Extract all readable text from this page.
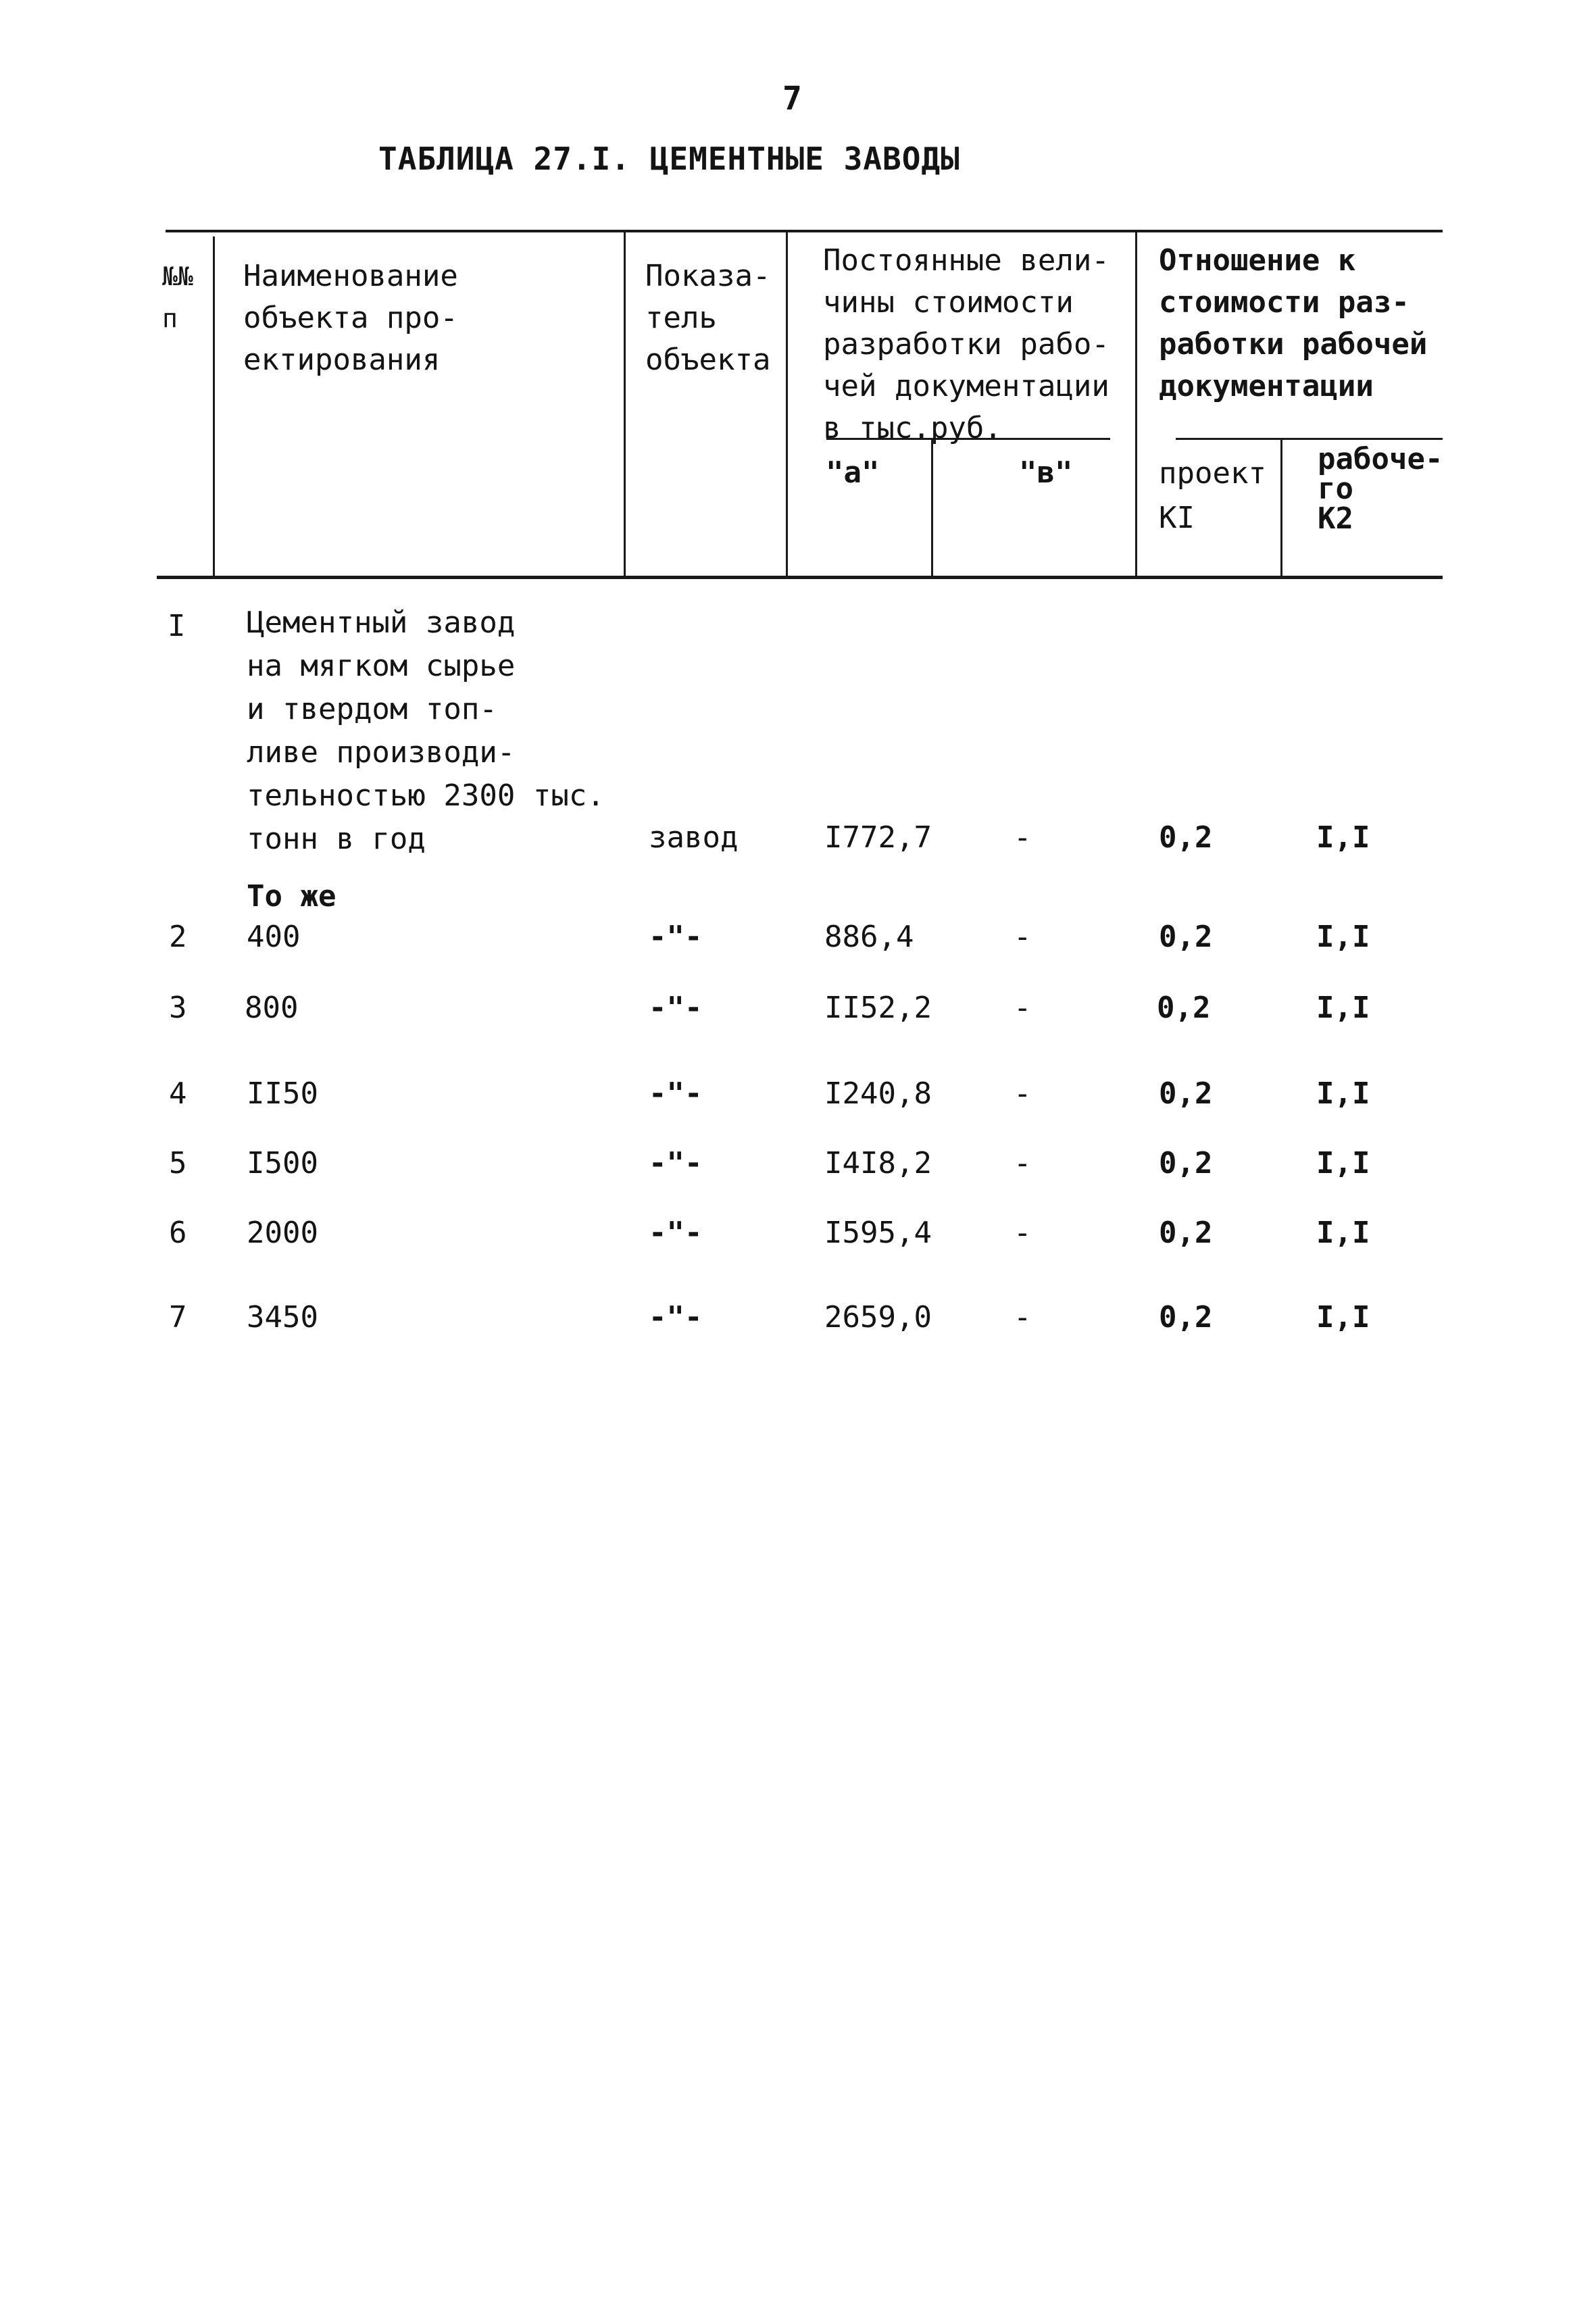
7
ТАБЛИЦА 27.I. ЦЕМЕНТНЫЕ ЗАВОДЫ
№№
п
Наименование
объекта про-
ектирования
Показа-
тель
объекта
Постоянные вели-
чины стоимости
разработки рабо-
чей документации
в тыс.руб.
"а"	"в"
Отношение к
стоимости раз-
работки рабочей
документации
проект
КI
рабоче-
го
К2
I Цементный завод
на мягком сырье
и твердом топ-
ливе производи-
тельностью 2300 тыс.
тонн в год	завод	I772,7	-	0,2	I,I
То же
2 400	-"-	886,4	-	0,2	I,I
3 800	-"-	II52,2	-	0,2	I,I
4 II50	-"-	I240,8	-	0,2	I,I
5 I500	-"-	I4I8,2	-	0,2	I,I
6 2000	-"-	I595,4	-	0,2	I,I
7 3450	-"-	2659,0	-	0,2	I,I
